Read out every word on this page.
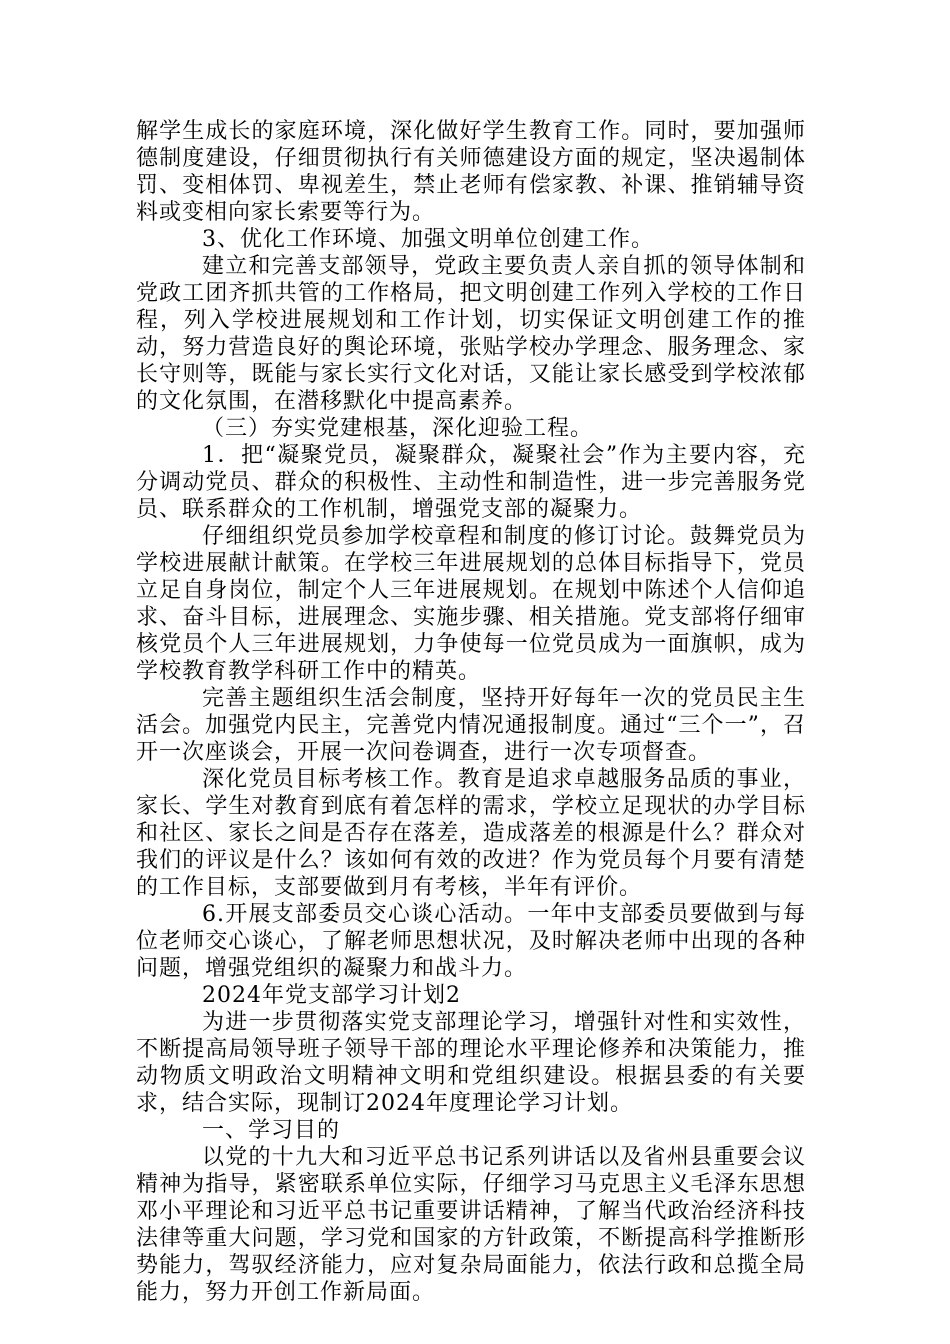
解学生成长的家庭环境，深化做好学生教育工作。同时，要加强师德制度建设，仔细贯彻执行有关师德建设方面的规定，坚决遏制体罚、变相体罚、卑视差生，禁止老师有偿家教、补课、推销辅导资料或变相向家长索要等行为。

3、优化工作环境、加强文明单位创建工作。

建立和完善支部领导，党政主要负责人亲自抓的领导体制和党政工团齐抓共管的工作格局，把文明创建工作列入学校的工作日程，列入学校进展规划和工作计划，切实保证文明创建工作的推动，努力营造良好的舆论环境，张贴学校办学理念、服务理念、家长守则等，既能与家长实行文化对话，又能让家长感受到学校浓郁的文化氛围，在潜移默化中提高素养。

（三）夯实党建根基，深化迎验工程。

1．把“凝聚党员，凝聚群众，凝聚社会”作为主要内容，充分调动党员、群众的积极性、主动性和制造性，进一步完善服务党员、联系群众的工作机制，增强党支部的凝聚力。

仔细组织党员参加学校章程和制度的修订讨论。鼓舞党员为学校进展献计献策。在学校三年进展规划的总体目标指导下，党员立足自身岗位，制定个人三年进展规划。在规划中陈述个人信仰追求、奋斗目标，进展理念、实施步骤、相关措施。党支部将仔细审核党员个人三年进展规划，力争使每一位党员成为一面旗帜，成为学校教育教学科研工作中的精英。

完善主题组织生活会制度，坚持开好每年一次的党员民主生活会。加强党内民主，完善党内情况通报制度。通过“三个一”，召开一次座谈会，开展一次问卷调查，进行一次专项督查。

深化党员目标考核工作。教育是追求卓越服务品质的事业，家长、学生对教育到底有着怎样的需求，学校立足现状的办学目标和社区、家长之间是否存在落差，造成落差的根源是什么？群众对我们的评议是什么？该如何有效的改进？作为党员每个月要有清楚的工作目标，支部要做到月有考核，半年有评价。

6.开展支部委员交心谈心活动。一年中支部委员要做到与每位老师交心谈心，了解老师思想状况，及时解决老师中出现的各种问题，增强党组织的凝聚力和战斗力。

2024年党支部学习计划2

为进一步贯彻落实党支部理论学习，增强针对性和实效性，不断提高局领导班子领导干部的理论水平理论修养和决策能力，推动物质文明政治文明精神文明和党组织建设。根据县委的有关要求，结合实际，现制订2024年度理论学习计划。

一、学习目的

以党的十九大和习近平总书记系列讲话以及省州县重要会议精神为指导，紧密联系单位实际，仔细学习马克思主义毛泽东思想邓小平理论和习近平总书记重要讲话精神，了解当代政治经济科技法律等重大问题，学习党和国家的方针政策，不断提高科学推断形势能力，驾驭经济能力，应对复杂局面能力，依法行政和总揽全局能力，努力开创工作新局面。
